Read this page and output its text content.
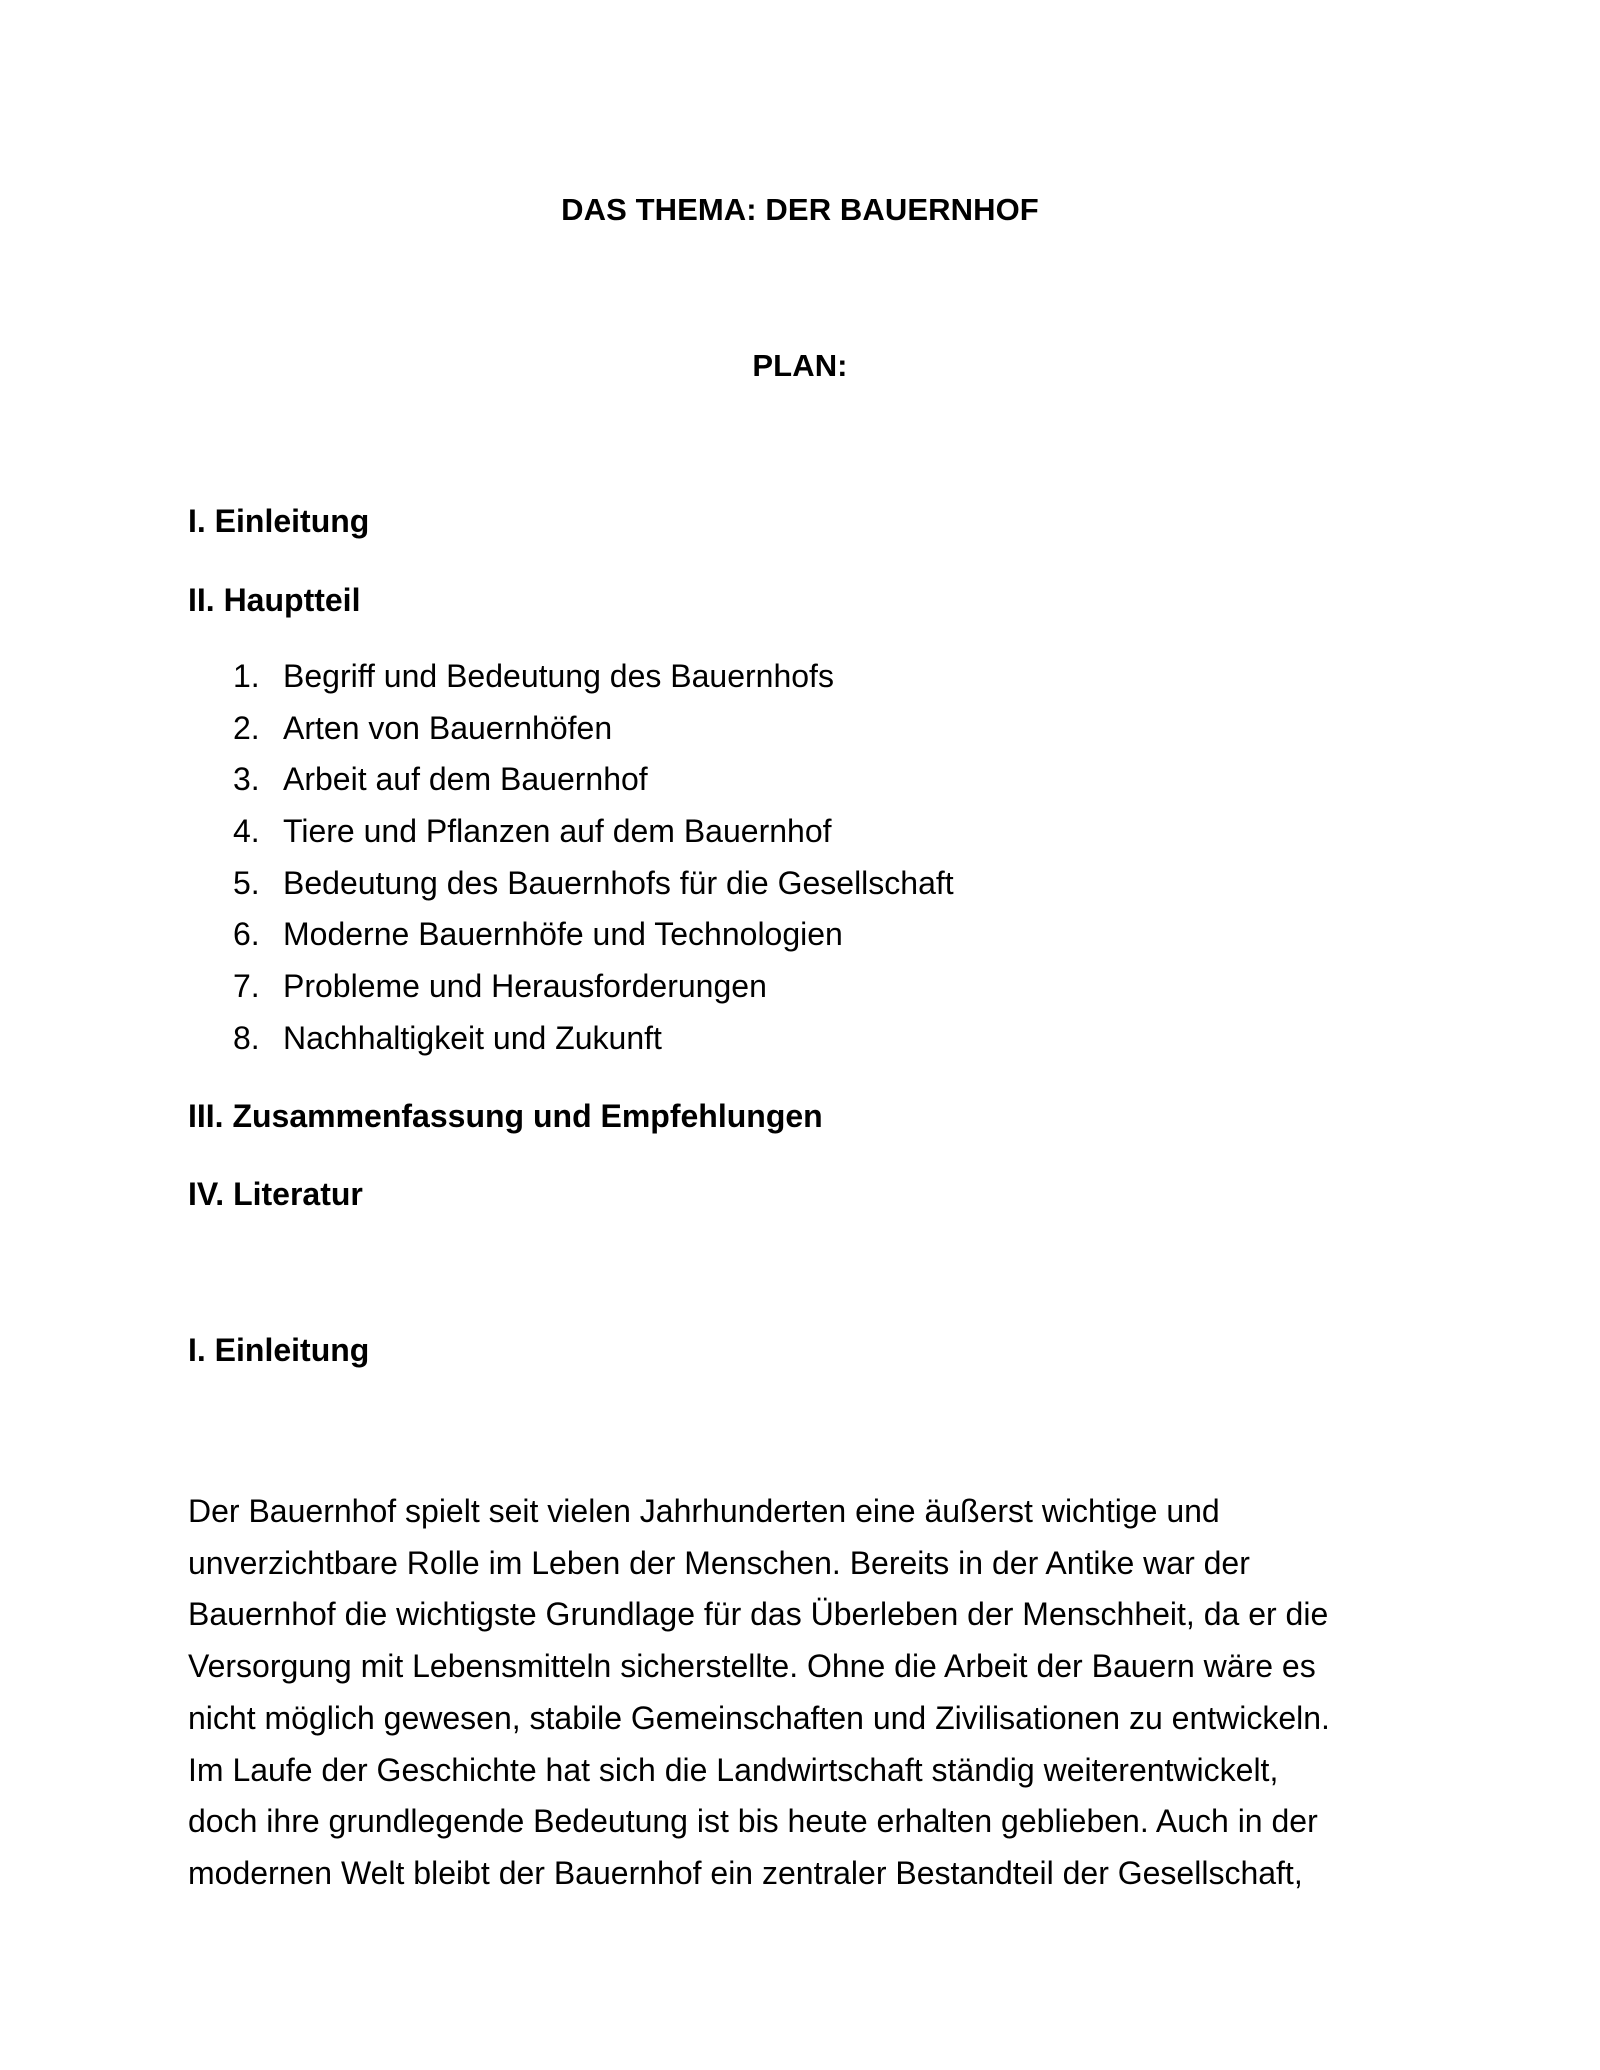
DAS THEMA: DER BAUERNHOF
PLAN:
I. Einleitung
II. Hauptteil
1. Begriff und Bedeutung des Bauernhofs
2. Arten von Bauernhöfen
3. Arbeit auf dem Bauernhof
4. Tiere und Pflanzen auf dem Bauernhof
5. Bedeutung des Bauernhofs für die Gesellschaft
6. Moderne Bauernhöfe und Technologien
7. Probleme und Herausforderungen
8. Nachhaltigkeit und Zukunft
III. Zusammenfassung und Empfehlungen
IV. Literatur
I. Einleitung

Der Bauernhof spielt seit vielen Jahrhunderten eine äußerst wichtige und
unverzichtbare Rolle im Leben der Menschen. Bereits in der Antike war der
Bauernhof die wichtigste Grundlage für das Überleben der Menschheit, da er die
Versorgung mit Lebensmitteln sicherstellte. Ohne die Arbeit der Bauern wäre es
nicht möglich gewesen, stabile Gemeinschaften und Zivilisationen zu entwickeln.
Im Laufe der Geschichte hat sich die Landwirtschaft ständig weiterentwickelt,
doch ihre grundlegende Bedeutung ist bis heute erhalten geblieben. Auch in der
modernen Welt bleibt der Bauernhof ein zentraler Bestandteil der Gesellschaft,
